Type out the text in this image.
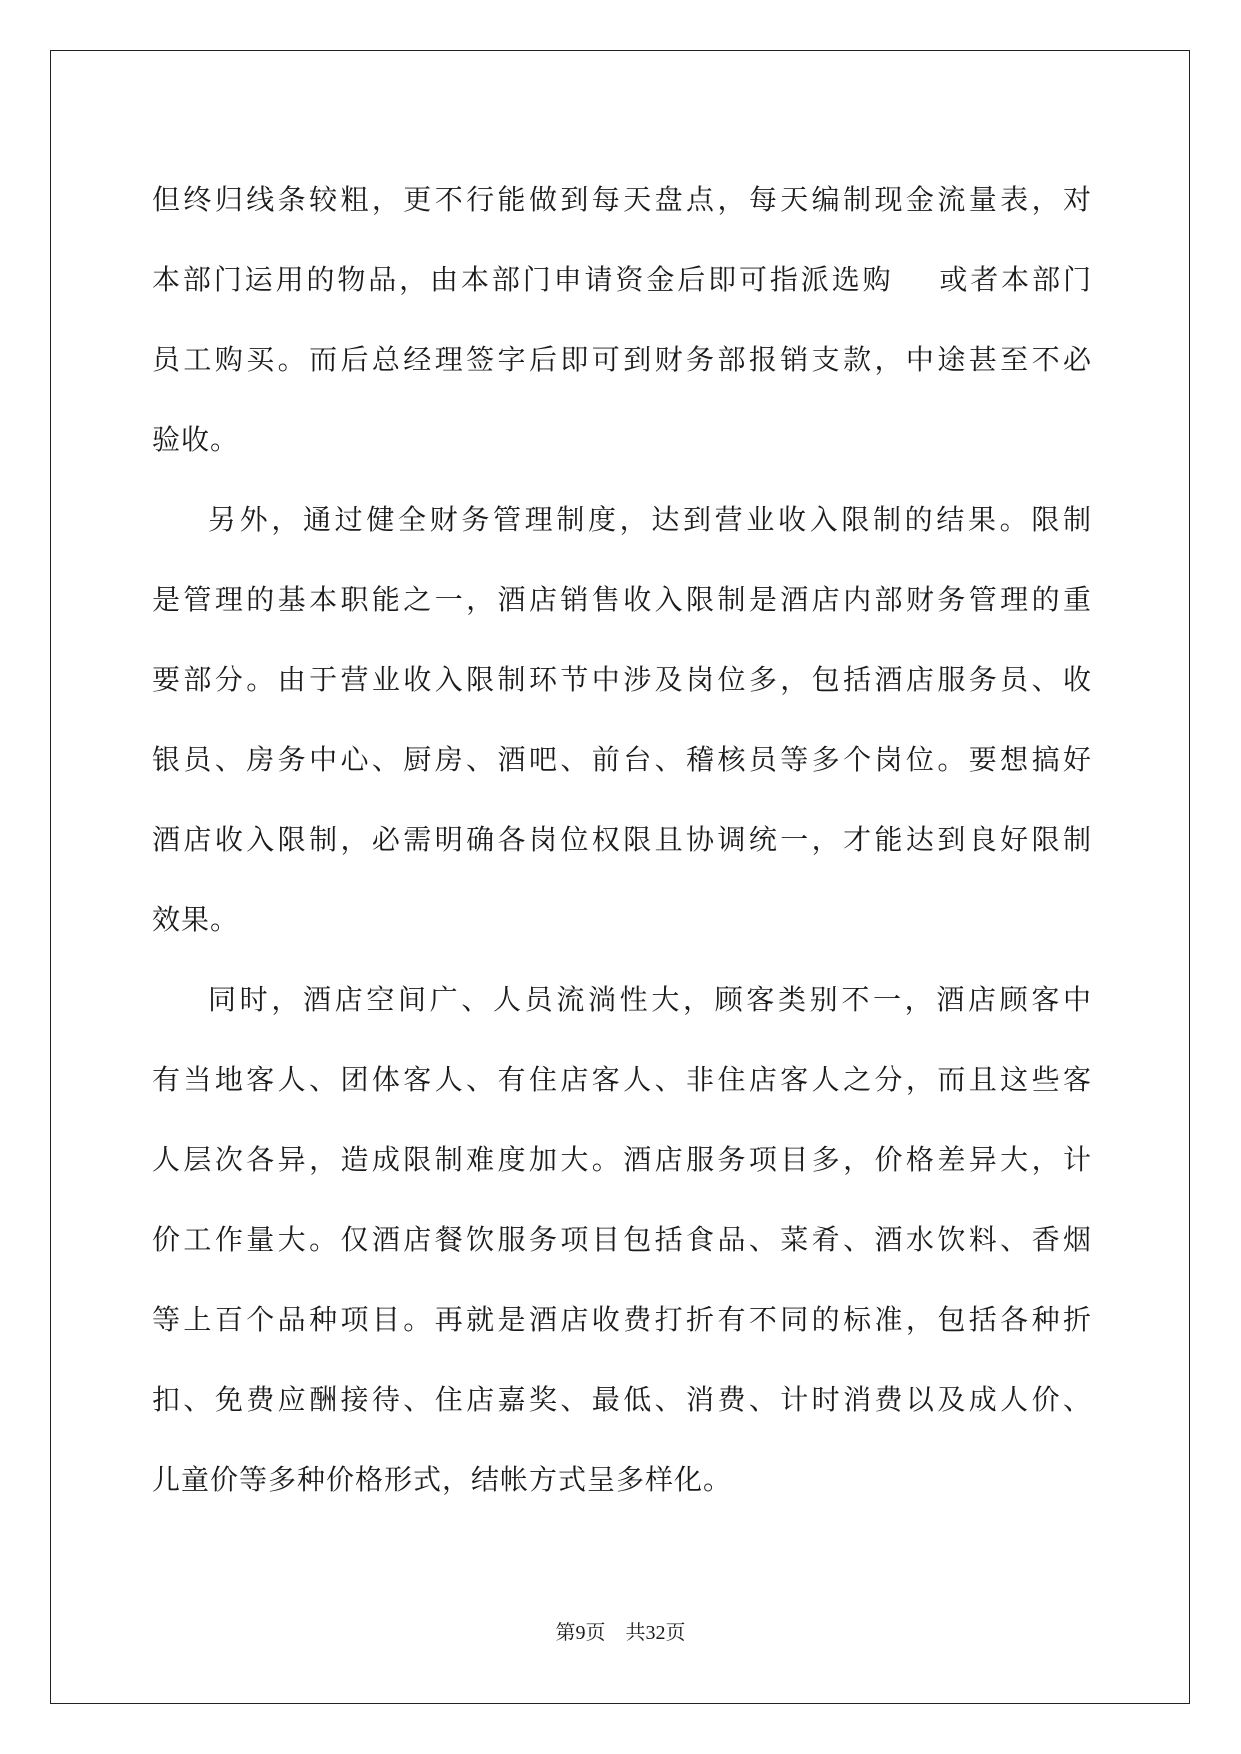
但终归线条较粗，更不行能做到每天盘点，每天编制现金流量表，对
本部门运用的物品，由本部门申请资金后即可指派选购 或者本部门
员工购买。而后总经理签字后即可到财务部报销支款，中途甚至不必
验收。

另外，通过健全财务管理制度，达到营业收入限制的结果。限制
是管理的基本职能之一，酒店销售收入限制是酒店内部财务管理的重
要部分。由于营业收入限制环节中涉及岗位多，包括酒店服务员、收
银员、房务中心、厨房、酒吧、前台、稽核员等多个岗位。要想搞好
酒店收入限制，必需明确各岗位权限且协调统一，才能达到良好限制
效果。

同时，酒店空间广、人员流淌性大，顾客类别不一，酒店顾客中
有当地客人、团体客人、有住店客人、非住店客人之分，而且这些客
人层次各异，造成限制难度加大。酒店服务项目多，价格差异大，计
价工作量大。仅酒店餐饮服务项目包括食品、菜肴、酒水饮料、香烟
等上百个品种项目。再就是酒店收费打折有不同的标准，包括各种折
扣、免费应酬接待、住店嘉奖、最低、消费、计时消费以及成人价、
儿童价等多种价格形式，结帐方式呈多样化。

第9页 共32页
